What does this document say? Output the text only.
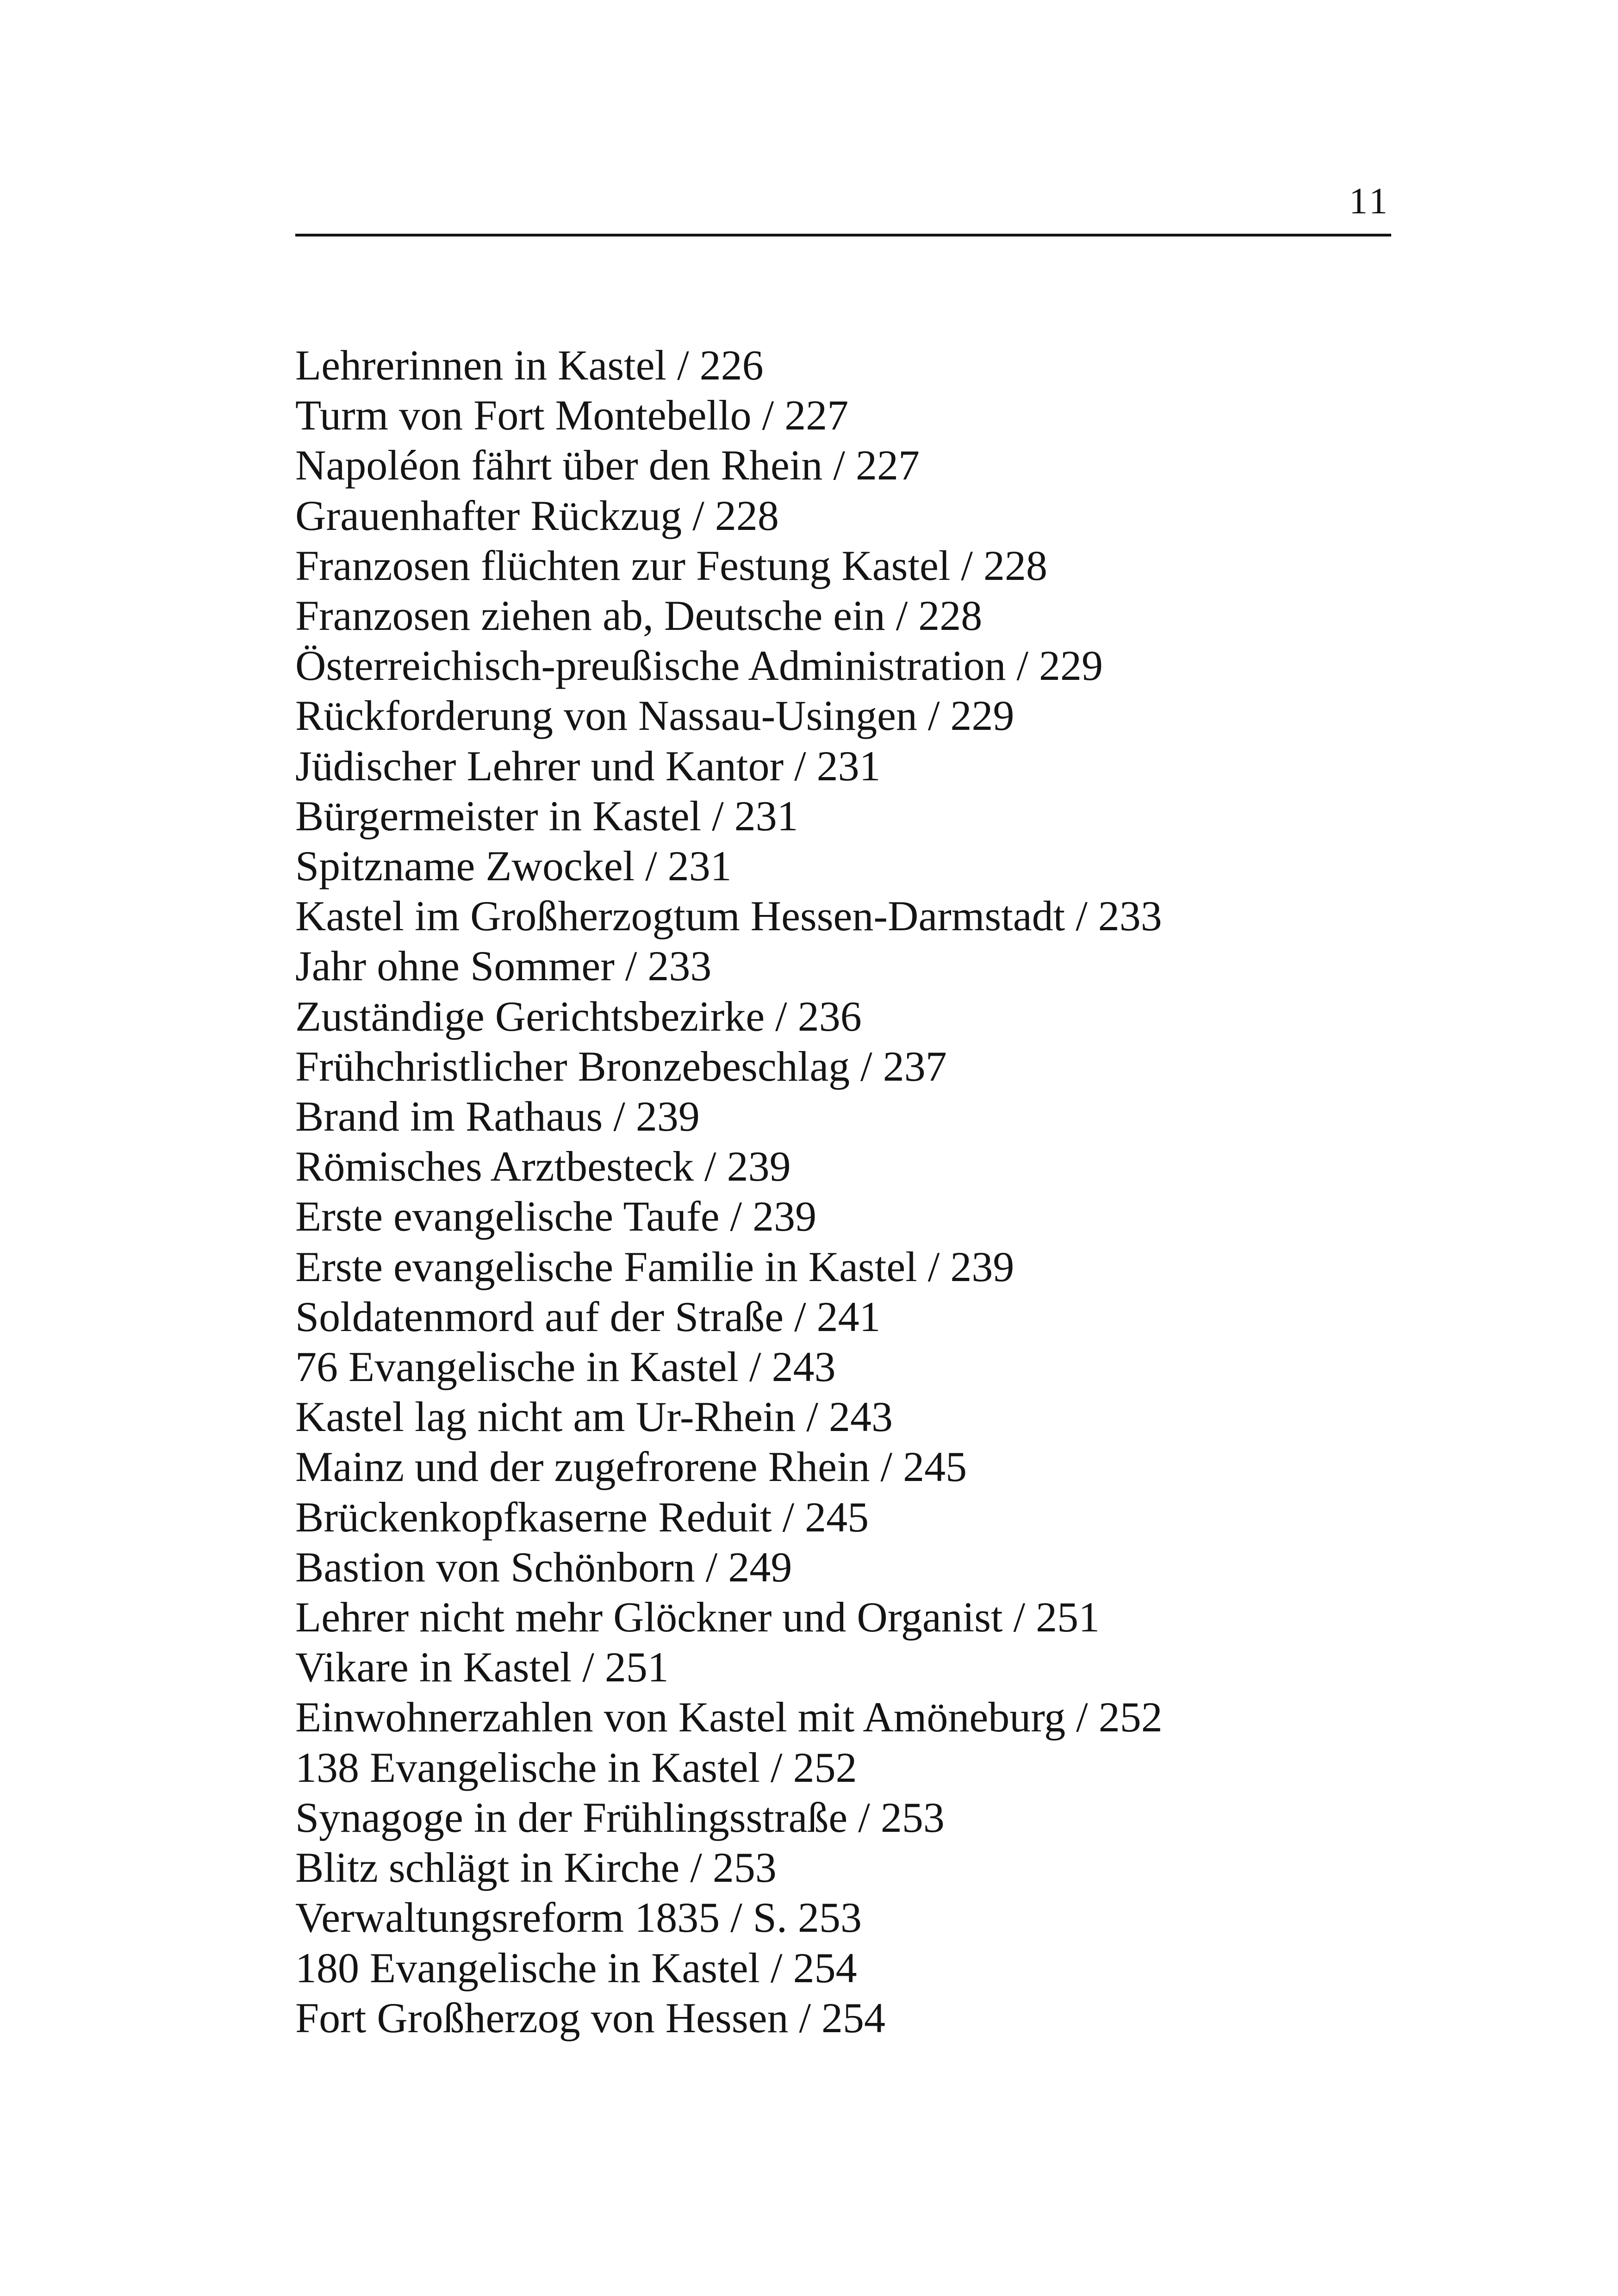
11
Lehrerinnen in Kastel / 226
Turm von Fort Montebello / 227
Napoléon fährt über den Rhein / 227
Grauenhafter Rückzug / 228
Franzosen flüchten zur Festung Kastel / 228
Franzosen ziehen ab, Deutsche ein / 228
Österreichisch-preußische Administration / 229
Rückforderung von Nassau-Usingen / 229
Jüdischer Lehrer und Kantor / 231
Bürgermeister in Kastel / 231
Spitzname Zwockel / 231
Kastel im Großherzogtum Hessen-Darmstadt / 233
Jahr ohne Sommer / 233
Zuständige Gerichtsbezirke / 236
Frühchristlicher Bronzebeschlag / 237
Brand im Rathaus / 239
Römisches Arztbesteck / 239
Erste evangelische Taufe / 239
Erste evangelische Familie in Kastel / 239
Soldatenmord auf der Straße / 241
76 Evangelische in Kastel / 243
Kastel lag nicht am Ur-Rhein / 243
Mainz und der zugefrorene Rhein / 245
Brückenkopfkaserne Reduit / 245
Bastion von Schönborn / 249
Lehrer nicht mehr Glöckner und Organist / 251
Vikare in Kastel / 251
Einwohnerzahlen von Kastel mit Amöneburg / 252
138 Evangelische in Kastel / 252
Synagoge in der Frühlingsstraße / 253
Blitz schlägt in Kirche / 253
Verwaltungsreform 1835 / S. 253
180 Evangelische in Kastel / 254
Fort Großherzog von Hessen / 254
